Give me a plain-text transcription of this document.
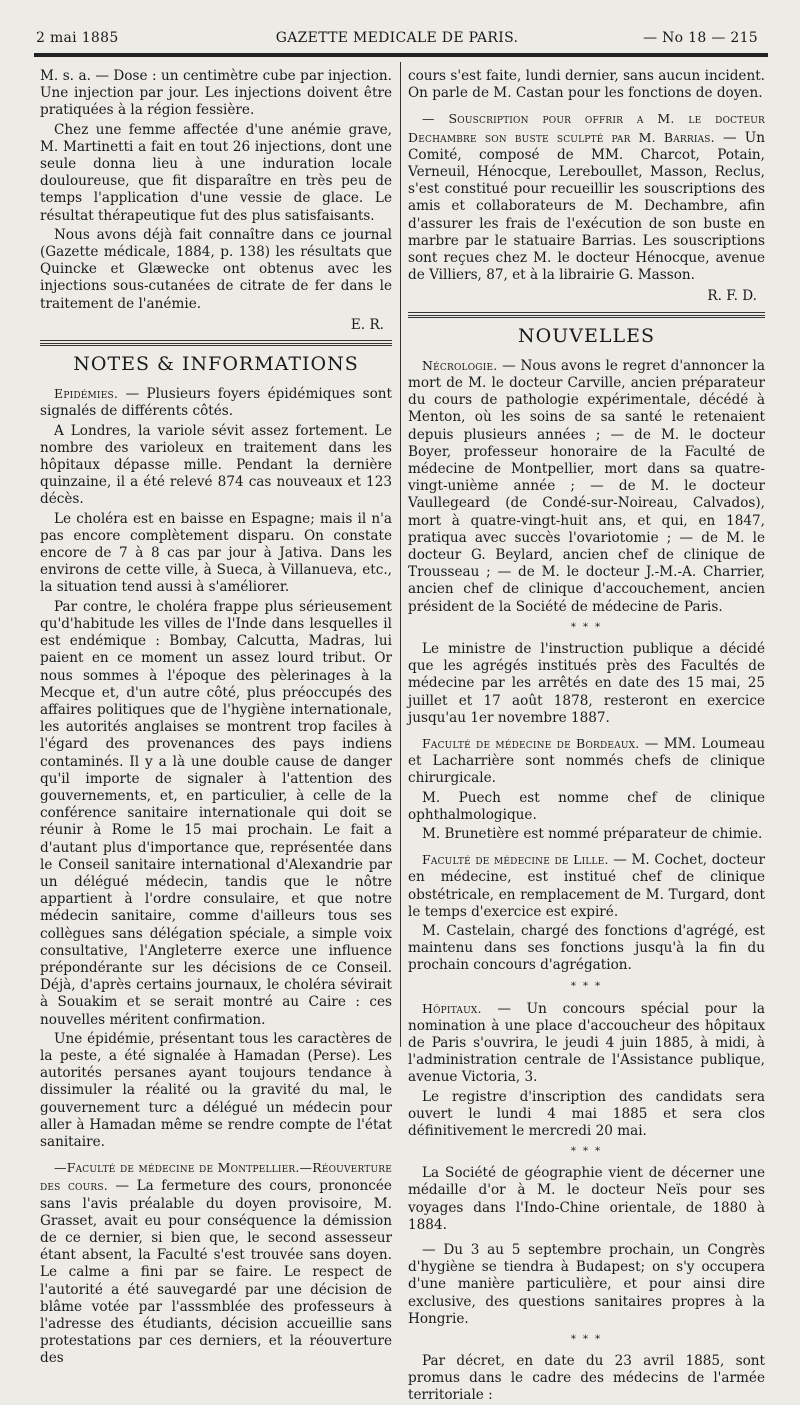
2 mai 1885	GAZETTE MEDICALE DE PARIS.	— No 18 — 215

M. s. a. — Dose : un centimètre cube par injection. Une injection par jour. Les injections doivent être pratiquées à la région fessière.

Chez une femme affectée d'une anémie grave, M. Martinetti a fait en tout 26 injections, dont une seule donna lieu à une induration locale douloureuse, que fit disparaître en très peu de temps l'application d'une vessie de glace. Le résultat thérapeutique fut des plus satisfaisants.

Nous avons déjà fait connaître dans ce journal (Gazette médicale, 1884, p. 138) les résultats que Quincke et Glæwecke ont obtenus avec les injections sous-cutanées de citrate de fer dans le traitement de l'anémie.

E. R.
NOTES & INFORMATIONS

Epidémies. — Plusieurs foyers épidémiques sont signalés de différents côtés.

A Londres, la variole sévit assez fortement. Le nombre des varioleux en traitement dans les hôpitaux dépasse mille. Pendant la dernière quinzaine, il a été relevé 874 cas nouveaux et 123 décès.

Le choléra est en baisse en Espagne; mais il n'a pas encore complètement disparu. On constate encore de 7 à 8 cas par jour à Jativa. Dans les environs de cette ville, à Sueca, à Villanueva, etc., la situation tend aussi à s'améliorer.

Par contre, le choléra frappe plus sérieusement qu'd'habitude les villes de l'Inde dans lesquelles il est endémique : Bombay, Calcutta, Madras, lui paient en ce moment un assez lourd tribut. Or nous sommes à l'époque des pèlerinages à la Mecque et, d'un autre côté, plus préoccupés des affaires politiques que de l'hygiène internationale, les autorités anglaises se montrent trop faciles à l'égard des provenances des pays indiens contaminés. Il y a là une double cause de danger qu'il importe de signaler à l'attention des gouvernements, et, en particulier, à celle de la conférence sanitaire internationale qui doit se réunir à Rome le 15 mai prochain. Le fait a d'autant plus d'importance que, représentée dans le Conseil sanitaire international d'Alexandrie par un délégué médecin, tandis que le nôtre appartient à l'ordre consulaire, et que notre médecin sanitaire, comme d'ailleurs tous ses collègues sans délégation spéciale, a simple voix consultative, l'Angleterre exerce une influence prépondérante sur les décisions de ce Conseil. Déjà, d'après certains journaux, le choléra sévirait à Souakim et se serait montré au Caire : ces nouvelles méritent confirmation.

Une épidémie, présentant tous les caractères de la peste, a été signalée à Hamadan (Perse). Les autorités persanes ayant toujours tendance à dissimuler la réalité ou la gravité du mal, le gouvernement turc a délégué un médecin pour aller à Hamadan même se rendre compte de l'état sanitaire.

—Faculté de médecine de Montpellier.—Réouverture des cours. — La fermeture des cours, prononcée sans l'avis préalable du doyen provisoire, M. Grasset, avait eu pour conséquence la démission de ce dernier, si bien que, le second assesseur étant absent, la Faculté s'est trouvée sans doyen. Le calme a fini par se faire. Le respect de l'autorité a été sauvegardé par une décision de blâme votée par l'asssmblée des professeurs à l'adresse des étudiants, décision accueillie sans protestations par ces derniers, et la réouverture des

cours s'est faite, lundi dernier, sans aucun incident. On parle de M. Castan pour les fonctions de doyen.

— Souscription pour offrir a M. le docteur Dechambre son buste sculpté par M. Barrias. — Un Comité, composé de MM. Charcot, Potain, Verneuil, Hénocque, Lereboullet, Masson, Reclus, s'est constitué pour recueillir les souscriptions des amis et collaborateurs de M. Dechambre, afin d'assurer les frais de l'exécution de son buste en marbre par le statuaire Barrias. Les souscriptions sont reçues chez M. le docteur Hénocque, avenue de Villiers, 87, et à la librairie G. Masson.

R. F. D.
NOUVELLES

Nécrologie. — Nous avons le regret d'annoncer la mort de M. le docteur Carville, ancien préparateur du cours de pathologie expérimentale, décédé à Menton, où les soins de sa santé le retenaient depuis plusieurs années ; — de M. le docteur Boyer, professeur honoraire de la Faculté de médecine de Montpellier, mort dans sa quatre-vingt-unième année ; — de M. le docteur Vaullegeard (de Condé-sur-Noireau, Calvados), mort à quatre-vingt-huit ans, et qui, en 1847, pratiqua avec succès l'ovariotomie ; — de M. le docteur G. Beylard, ancien chef de clinique de Trousseau ; — de M. le docteur J.-M.-A. Charrier, ancien chef de clinique d'accouchement, ancien président de la Société de médecine de Paris.

* * *

Le ministre de l'instruction publique a décidé que les agrégés institués près des Facultés de médecine par les arrêtés en date des 15 mai, 25 juillet et 17 août 1878, resteront en exercice jusqu'au 1er novembre 1887.

Faculté de médecine de Bordeaux. — MM. Loumeau et Lacharrière sont nommés chefs de clinique chirurgicale.

M. Puech est nomme chef de clinique ophthalmologique.

M. Brunetière est nommé préparateur de chimie.

Faculté de médecine de Lille. — M. Cochet, docteur en médecine, est institué chef de clinique obstétricale, en remplacement de M. Turgard, dont le temps d'exercice est expiré.

M. Castelain, chargé des fonctions d'agrégé, est maintenu dans ses fonctions jusqu'à la fin du prochain concours d'agrégation.

* * *

Hôpitaux. — Un concours spécial pour la nomination à une place d'accoucheur des hôpitaux de Paris s'ouvrira, le jeudi 4 juin 1885, à midi, à l'administration centrale de l'Assistance publique, avenue Victoria, 3.

Le registre d'inscription des candidats sera ouvert le lundi 4 mai 1885 et sera clos définitivement le mercredi 20 mai.

* * *

La Société de géographie vient de décerner une médaille d'or à M. le docteur Neïs pour ses voyages dans l'Indo-Chine orientale, de 1880 à 1884.

— Du 3 au 5 septembre prochain, un Congrès d'hygiène se tiendra à Budapest; on s'y occupera d'une manière particulière, et pour ainsi dire exclusive, des questions sanitaires propres à la Hongrie.

* * *

Par décret, en date du 23 avril 1885, sont promus dans le cadre des médecins de l'armée territoriale :
